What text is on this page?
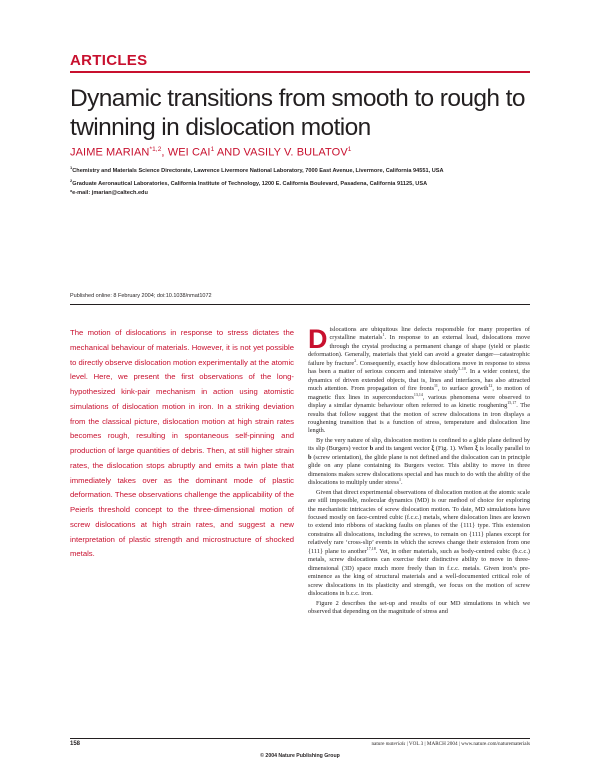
ARTICLES
Dynamic transitions from smooth to rough to twinning in dislocation motion
JAIME MARIAN$^{*1,2}$, WEI CAI$^1$ AND VASILY V. BULATOV$^1$
$^1$Chemistry and Materials Science Directorate, Lawrence Livermore National Laboratory, 7000 East Avenue, Livermore, California 94551, USA
$^2$Graduate Aeronautical Laboratories, California Institute of Technology, 1200 E. California Boulevard, Pasadena, California 91125, USA
*e-mail: jmarian@caltech.edu
Published online: 8 February 2004; doi:10.1038/nmat1072
The motion of dislocations in response to stress dictates the mechanical behaviour of materials. However, it is not yet possible to directly observe dislocation motion experimentally at the atomic level. Here, we present the first observations of the long-hypothesized kink-pair mechanism in action using atomistic simulations of dislocation motion in iron. In a striking deviation from the classical picture, dislocation motion at high strain rates becomes rough, resulting in spontaneous self-pinning and production of large quantities of debris. Then, at still higher strain rates, the dislocation stops abruptly and emits a twin plate that immediately takes over as the dominant mode of plastic deformation. These observations challenge the applicability of the Peierls threshold concept to the three-dimensional motion of screw dislocations at high strain rates, and suggest a new interpretation of plastic strength and microstructure of shocked metals.

Dislocations are ubiquitous line defects responsible for many properties of crystalline materials$^1$. In response to an external load, dislocations move through the crystal producing a permanent change of shape (yield or plastic deformation). Generally, materials that yield can avoid a greater danger—catastrophic failure by fracture$^2$. Consequently, exactly how dislocations move in response to stress has been a matter of serious concern and intensive study$^{3-10}$. In a wider context, the dynamics of driven extended objects, that is, lines and interfaces, has also attracted much attention. From propagation of fire fronts$^{11}$, to surface growth$^{12}$, to motion of magnetic flux lines in superconductors$^{13,14}$, various phenomena were observed to display a similar dynamic behaviour often referred to as kinetic roughening$^{15,17}$. The results that follow suggest that the motion of screw dislocations in iron displays a roughening transition that is a function of stress, temperature and dislocation line length.

By the very nature of slip, dislocation motion is confined to a glide plane defined by its slip (Burgers) vector b and its tangent vector ξ (Fig. 1). When ξ is locally parallel to b (screw orientation), the glide plane is not defined and the dislocation can in principle glide on any plane containing its Burgers vector. This ability to move in three dimensions makes screw dislocations special and has much to do with the ability of the dislocations to multiply under stress$^1$.

Given that direct experimental observations of dislocation motion at the atomic scale are still impossible, molecular dynamics (MD) is our method of choice for exploring the mechanistic intricacies of screw dislocation motion. To date, MD simulations have focused mostly on face-centred cubic (f.c.c.) metals, where dislocation lines are known to extend into ribbons of stacking faults on planes of the {111} type. This extension constrains all dislocations, including the screws, to remain on {111} planes except for relatively rare ‘cross-slip’ events in which the screws change their extension from one {111} plane to another$^{17,18}$. Yet, in other materials, such as body-centred cubic (b.c.c.) metals, screw dislocations can exercise their distinctive ability to move in three-dimensional (3D) space much more freely than in f.c.c. metals. Given iron’s pre-eminence as the king of structural materials and a well-documented critical role of screw dislocations in its plasticity and strength, we focus on the motion of screw dislocations in b.c.c. iron.

Figure 2 describes the set-up and results of our MD simulations in which we observed that depending on the magnitude of stress and

158	nature materials | VOL 3 | MARCH 2004 | www.nature.com/naturematerials
© 2004 Nature Publishing Group
